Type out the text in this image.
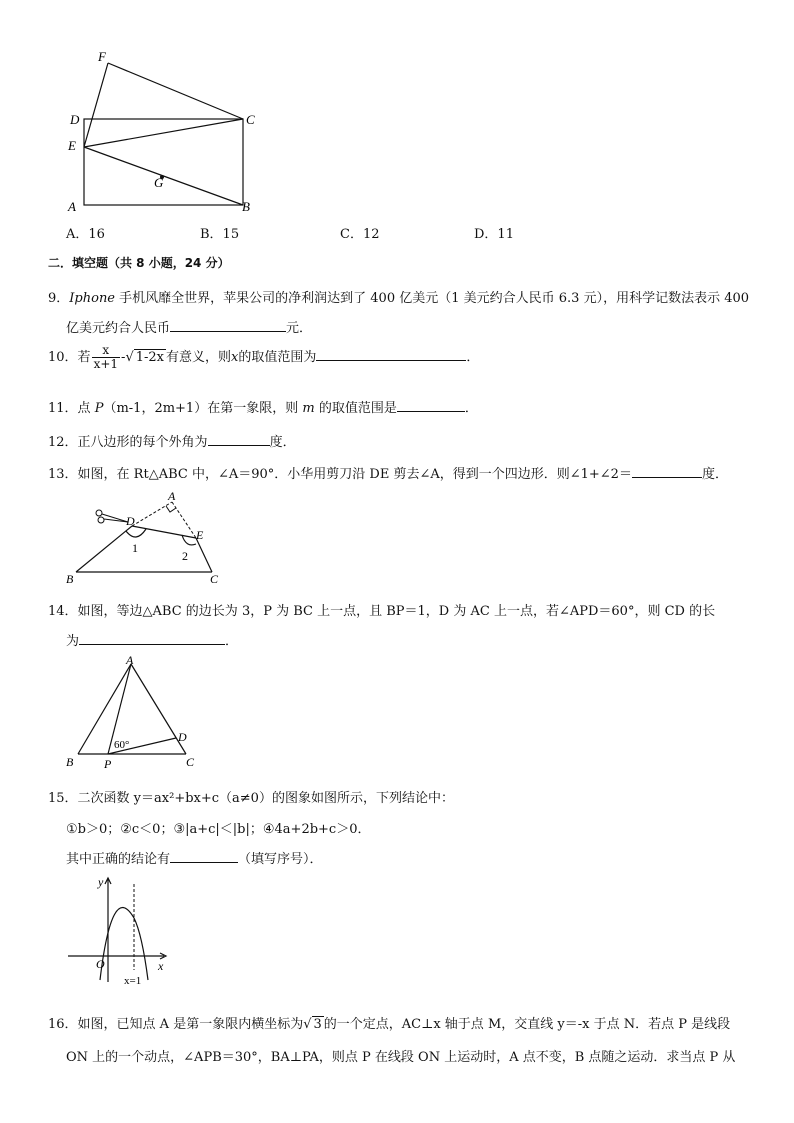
F
D	C
E
G
A	B
A．16	B．15	C．12	D．11
二．填空题（共 8 小题，24 分）
9．Iphone 手机风靡全世界，苹果公司的净利润达到了 400 亿美元（1 美元约合人民币 6.3 元），用科学记数法表示 400
亿美元约合人民币	元．
10．若 $\frac{x}{x+1}$ -√ 1-2x 有意义，则x的取值范围为	．
11．点 P（m-1，2m+1）在第一象限，则 m 的取值范围是	．
12．正八边形的每个外角为	度．
13．如图，在 Rt△ABC 中，∠A＝90°．小华用剪刀沿 DE 剪去∠A，得到一个四边形．则∠1+∠2＝	度．
A
D
E
1
2
B	C
14．如图，等边△ABC 的边长为 3，P 为 BC 上一点，且 BP＝1，D 为 AC 上一点，若∠APD＝60°，则 CD 的长
为	．
A
D
60°
B	P	C
15．二次函数 y＝ax²+bx+c（a≠0）的图象如图所示，下列结论中：
①b＞0；②c＜0；③|a+c|＜|b|；④4a+2b+c＞0．
其中正确的结论有	（填写序号）．
y
x
O
x=1
16．如图，已知点 A 是第一象限内横坐标为√ 3 的一个定点，AC⊥x 轴于点 M，交直线 y＝-x 于点 N．若点 P 是线段
ON 上的一个动点，∠APB＝30°，BA⊥PA，则点 P 在线段 ON 上运动时，A 点不变，B 点随之运动．求当点 P 从
